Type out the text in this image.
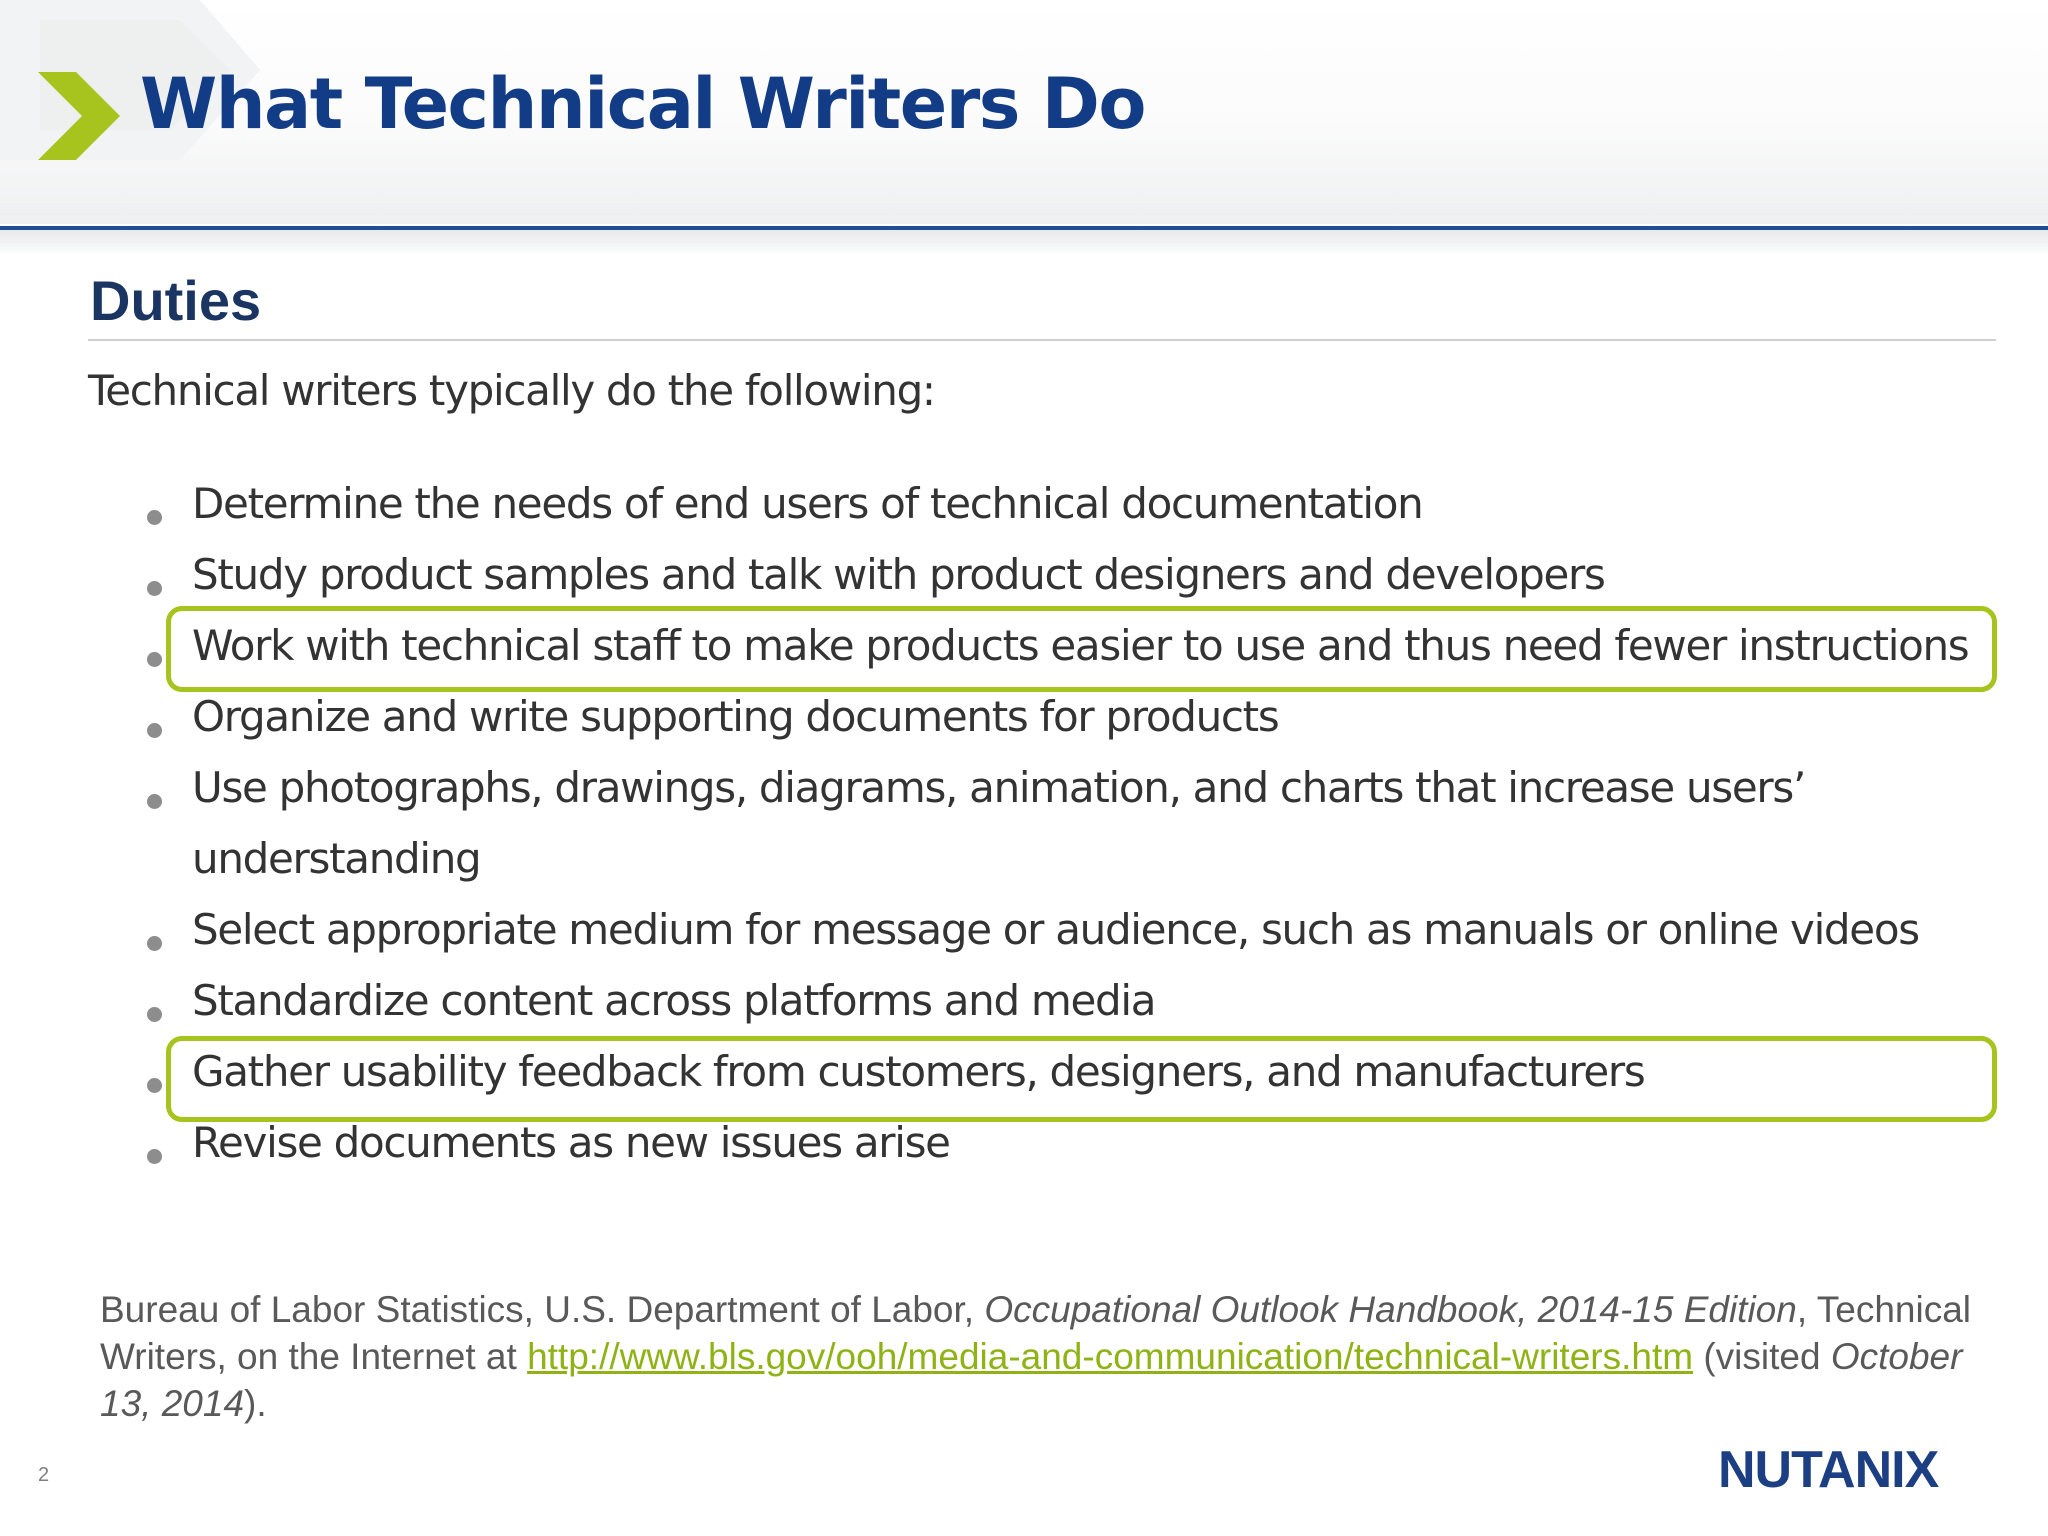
What Technical Writers Do
Duties
Technical writers typically do the following:
Determine the needs of end users of technical documentation
Study product samples and talk with product designers and developers
Work with technical staff to make products easier to use and thus need fewer instructions
Organize and write supporting documents for products
Use photographs, drawings, diagrams, animation, and charts that increase users’
understanding
Select appropriate medium for message or audience, such as manuals or online videos
Standardize content across platforms and media
Gather usability feedback from customers, designers, and manufacturers
Revise documents as new issues arise
Bureau of Labor Statistics, U.S. Department of Labor, Occupational Outlook Handbook, 2014-15 Edition, Technical Writers, on the Internet at http://www.bls.gov/ooh/media-and-communication/technical-writers.htm (visited October 13, 2014).
2	NUTANIX
